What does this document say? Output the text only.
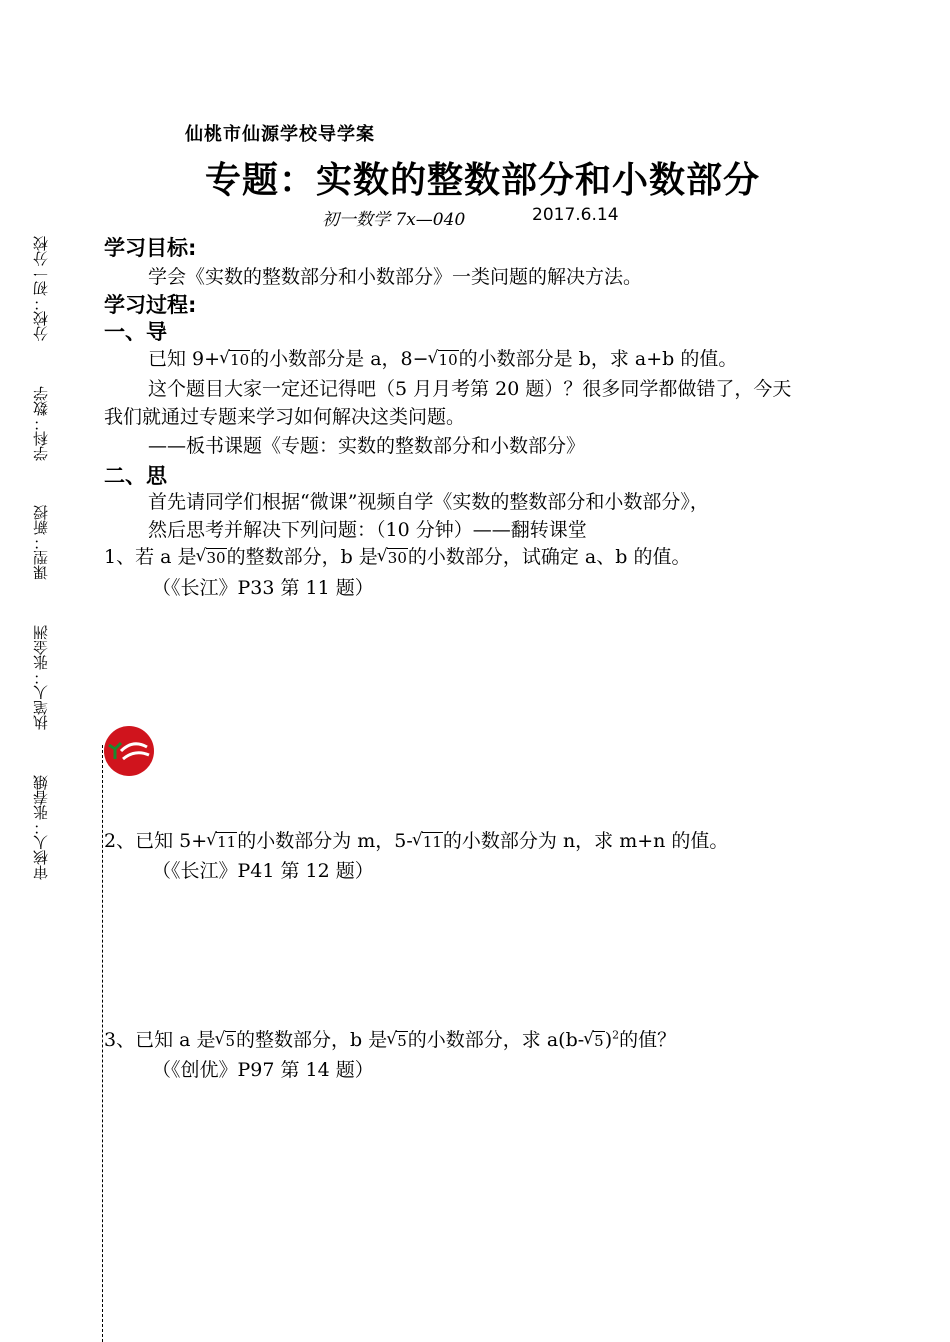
审核人：张春娥 执笔人：张金洲 课型：新授 学科：数学 分校：初一分校
仙桃市仙源学校导学案
专题：实数的整数部分和小数部分
初一数学 7x—040	2017.6.14
学习目标:
学会《实数的整数部分和小数部分》一类问题的解决方法。
学习过程:
一、导
已知 9+ √ 10的小数部分是 a，8− √ 10的小数部分是 b，求 a+b 的值。
这个题目大家一定还记得吧（5 月月考第 20 题）？很多同学都做错了，今天
我们就通过专题来学习如何解决这类问题。
——板书课题《专题：实数的整数部分和小数部分》
二、思
首先请同学们根据“微课”视频自学《实数的整数部分和小数部分》，
然后思考并解决下列问题：（10 分钟）——翻转课堂
1、若 a 是 √ 30的整数部分，b 是 √ 30的小数部分，试确定 a、b 的值。
（《长江》P33 第 11 题）
2、已知 5+ √ 11的小数部分为 m，5- √ 11的小数部分为 n，求 m+n 的值。
（《长江》P41 第 12 题）
3、已知 a 是 √ 5的整数部分，b 是 √ 5的小数部分，求 a(b- √ 5)$^2$的值？
（《创优》P97 第 14 题）
